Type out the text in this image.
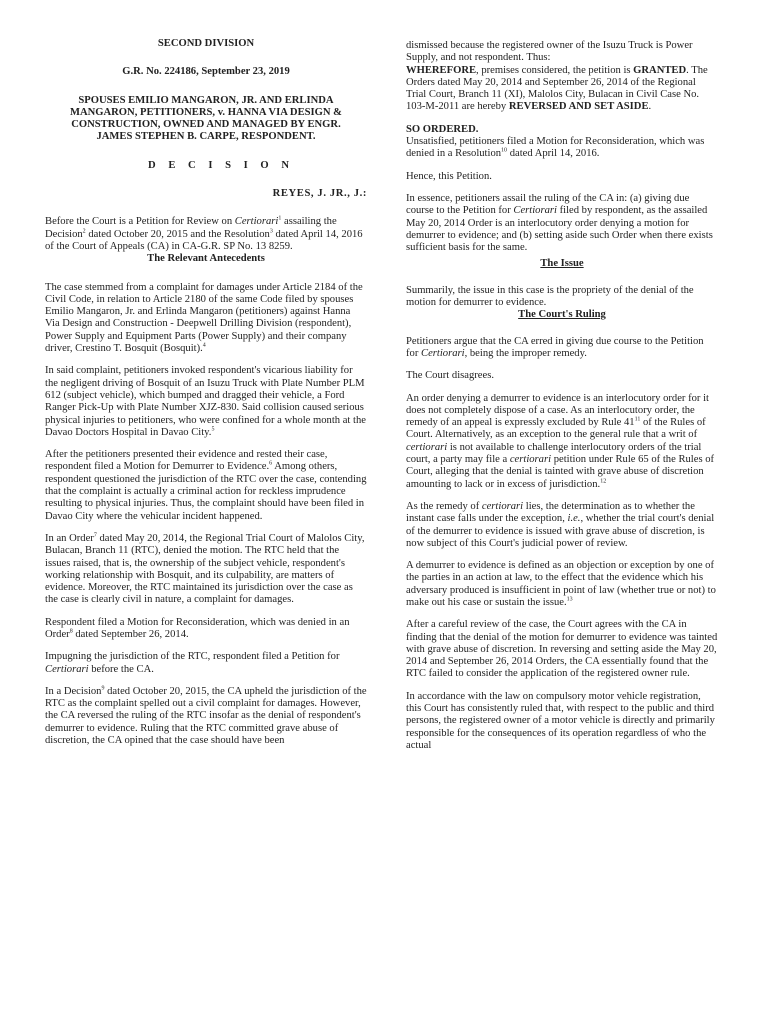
SECOND DIVISION
G.R. No. 224186, September 23, 2019
SPOUSES EMILIO MANGARON, JR. AND ERLINDA MANGARON, PETITIONERS, v. HANNA VIA DESIGN & CONSTRUCTION, OWNED AND MANAGED BY ENGR. JAMES STEPHEN B. CARPE, RESPONDENT.
D E C I S I O N
REYES, J. JR., J.:
Before the Court is a Petition for Review on Certiorari$^1$ assailing the Decision$^2$ dated October 20, 2015 and the Resolution$^3$ dated April 14, 2016 of the Court of Appeals (CA) in CA-G.R. SP No. 13 8259.
The Relevant Antecedents
The case stemmed from a complaint for damages under Article 2184 of the Civil Code, in relation to Article 2180 of the same Code filed by spouses Emilio Mangaron, Jr. and Erlinda Mangaron (petitioners) against Hanna Via Design and Construction - Deepwell Drilling Division (respondent), Power Supply and Equipment Parts (Power Supply) and their company driver, Crestino T. Bosquit (Bosquit).$^4$
In said complaint, petitioners invoked respondent's vicarious liability for the negligent driving of Bosquit of an Isuzu Truck with Plate Number PLM 612 (subject vehicle), which bumped and dragged their vehicle, a Ford Ranger Pick-Up with Plate Number XJZ-830. Said collision caused serious physical injuries to petitioners, who were confined for a whole month at the Davao Doctors Hospital in Davao City.$^5$
After the petitioners presented their evidence and rested their case, respondent filed a Motion for Demurrer to Evidence.$^6$ Among others, respondent questioned the jurisdiction of the RTC over the case, contending that the complaint is actually a criminal action for reckless imprudence resulting to physical injuries. Thus, the complaint should have been filed in Davao City where the vehicular incident happened.
In an Order$^7$ dated May 20, 2014, the Regional Trial Court of Malolos City, Bulacan, Branch 11 (RTC), denied the motion. The RTC held that the issues raised, that is, the ownership of the subject vehicle, respondent's working relationship with Bosquit, and its culpability, are matters of evidence. Moreover, the RTC maintained its jurisdiction over the case as the case is clearly civil in nature, a complaint for damages.
Respondent filed a Motion for Reconsideration, which was denied in an Order$^8$ dated September 26, 2014.
Impugning the jurisdiction of the RTC, respondent filed a Petition for Certiorari before the CA.
In a Decision$^9$ dated October 20, 2015, the CA upheld the jurisdiction of the RTC as the complaint spelled out a civil complaint for damages. However, the CA reversed the ruling of the RTC insofar as the denial of respondent's demurrer to evidence. Ruling that the RTC committed grave abuse of discretion, the CA opined that the case should have been
dismissed because the registered owner of the Isuzu Truck is Power Supply, and not respondent. Thus:
WHEREFORE, premises considered, the petition is GRANTED. The Orders dated May 20, 2014 and September 26, 2014 of the Regional Trial Court, Branch 11 (XI), Malolos City, Bulacan in Civil Case No. 103-M-2011 are hereby REVERSED AND SET ASIDE.
SO ORDERED.
Unsatisfied, petitioners filed a Motion for Reconsideration, which was denied in a Resolution$^{10}$ dated April 14, 2016.
Hence, this Petition.
In essence, petitioners assail the ruling of the CA in: (a) giving due course to the Petition for Certiorari filed by respondent, as the assailed May 20, 2014 Order is an interlocutory order denying a motion for demurrer to evidence; and (b) setting aside such Order when there exists sufficient basis for the same.
The Issue
Summarily, the issue in this case is the propriety of the denial of the motion for demurrer to evidence.
The Court's Ruling
Petitioners argue that the CA erred in giving due course to the Petition for Certiorari, being the improper remedy.
The Court disagrees.
An order denying a demurrer to evidence is an interlocutory order for it does not completely dispose of a case. As an interlocutory order, the remedy of an appeal is expressly excluded by Rule $41^{11}$ of the Rules of Court. Alternatively, as an exception to the general rule that a writ of certiorari is not available to challenge interlocutory orders of the trial court, a party may file a certiorari petition under Rule 65 of the Rules of Court, alleging that the denial is tainted with grave abuse of discretion amounting to lack or in excess of jurisdiction.$^{12}$
As the remedy of certiorari lies, the determination as to whether the instant case falls under the exception, i.e., whether the trial court's denial of the demurrer to evidence is issued with grave abuse of discretion, is now subject of this Court's judicial power of review.
A demurrer to evidence is defined as an objection or exception by one of the parties in an action at law, to the effect that the evidence which his adversary produced is insufficient in point of law (whether true or not) to make out his case or sustain the issue.$^{13}$
After a careful review of the case, the Court agrees with the CA in finding that the denial of the motion for demurrer to evidence was tainted with grave abuse of discretion. In reversing and setting aside the May 20, 2014 and September 26, 2014 Orders, the CA essentially found that the RTC failed to consider the application of the registered owner rule.
In accordance with the law on compulsory motor vehicle registration, this Court has consistently ruled that, with respect to the public and third persons, the registered owner of a motor vehicle is directly and primarily responsible for the consequences of its operation regardless of who the actual
